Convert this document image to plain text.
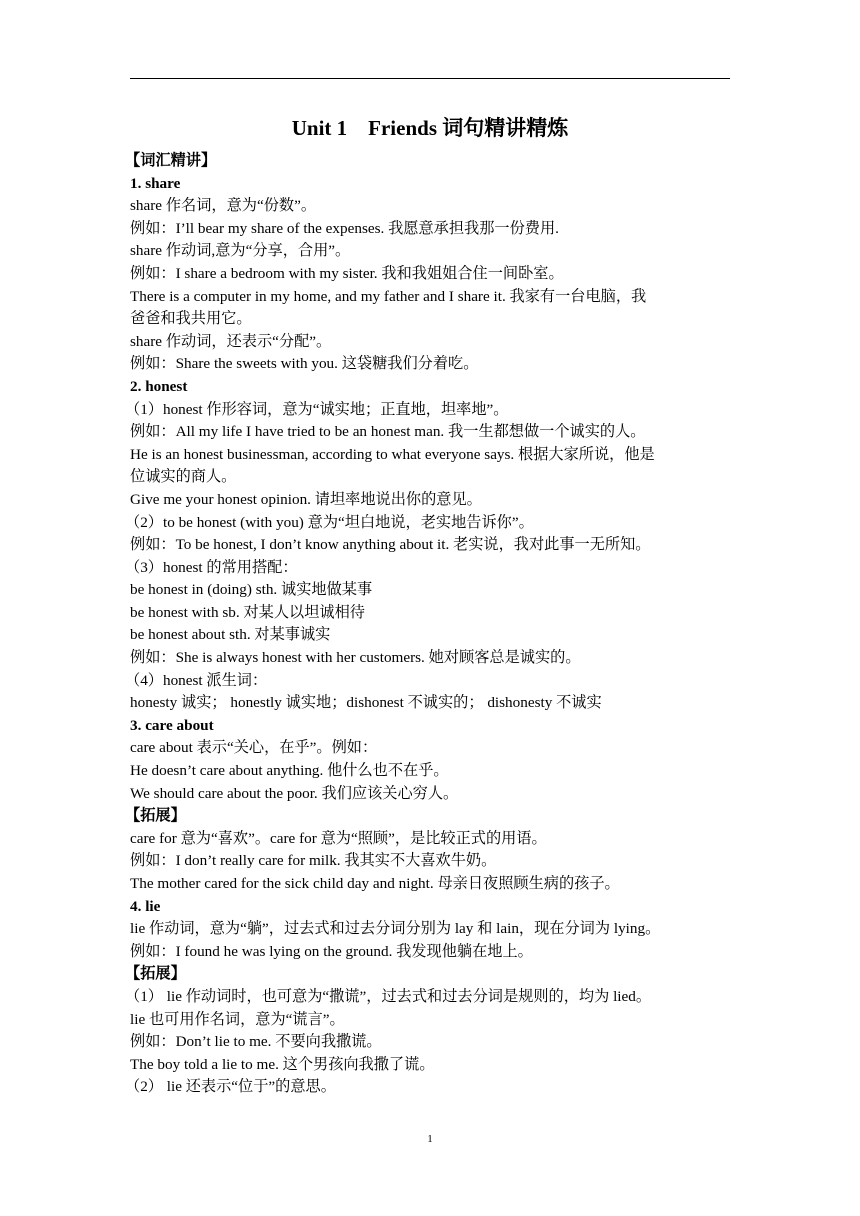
Unit 1　Friends 词句精讲精炼
【词汇精讲】
1. share
share 作名词，意为“份数”。
例如：I’ll bear my share of the expenses. 我愿意承担我那一份费用.
share 作动词,意为“分享，合用”。
例如：I share a bedroom with my sister. 我和我姐姐合住一间卧室。
There is a computer in my home, and my father and I share it. 我家有一台电脑，我
爸爸和我共用它。
share 作动词，还表示“分配”。
例如：Share the sweets with you. 这袋糖我们分着吃。
2. honest
（1）honest 作形容词，意为“诚实地；正直地，坦率地”。
例如：All my life I have tried to be an honest man. 我一生都想做一个诚实的人。
He is an honest businessman, according to what everyone says. 根据大家所说，他是
位诚实的商人。
Give me your honest opinion. 请坦率地说出你的意见。
（2）to be honest (with you) 意为“坦白地说，老实地告诉你”。
例如：To be honest, I don’t know anything about it. 老实说，我对此事一无所知。
（3）honest 的常用搭配：
be honest in (doing) sth. 诚实地做某事
be honest with sb. 对某人以坦诚相待
be honest about sth. 对某事诚实
例如：She is always honest with her customers. 她对顾客总是诚实的。
（4）honest 派生词：
honesty 诚实； honestly 诚实地；dishonest 不诚实的； dishonesty 不诚实
3. care about
care about 表示“关心，在乎”。例如：
He doesn’t care about anything. 他什么也不在乎。
We should care about the poor. 我们应该关心穷人。
【拓展】
care for 意为“喜欢”。care for 意为“照顾”，是比较正式的用语。
例如：I don’t really care for milk. 我其实不大喜欢牛奶。
The mother cared for the sick child day and night. 母亲日夜照顾生病的孩子。
4. lie
lie 作动词，意为“躺”，过去式和过去分词分别为 lay 和 lain，现在分词为 lying。
例如：I found he was lying on the ground. 我发现他躺在地上。
【拓展】
（1） lie 作动词时，也可意为“撒谎”，过去式和过去分词是规则的，均为 lied。
lie 也可用作名词，意为“谎言”。
例如：Don’t lie to me. 不要向我撒谎。
The boy told a lie to me. 这个男孩向我撒了谎。
（2） lie 还表示“位于”的意思。
1
